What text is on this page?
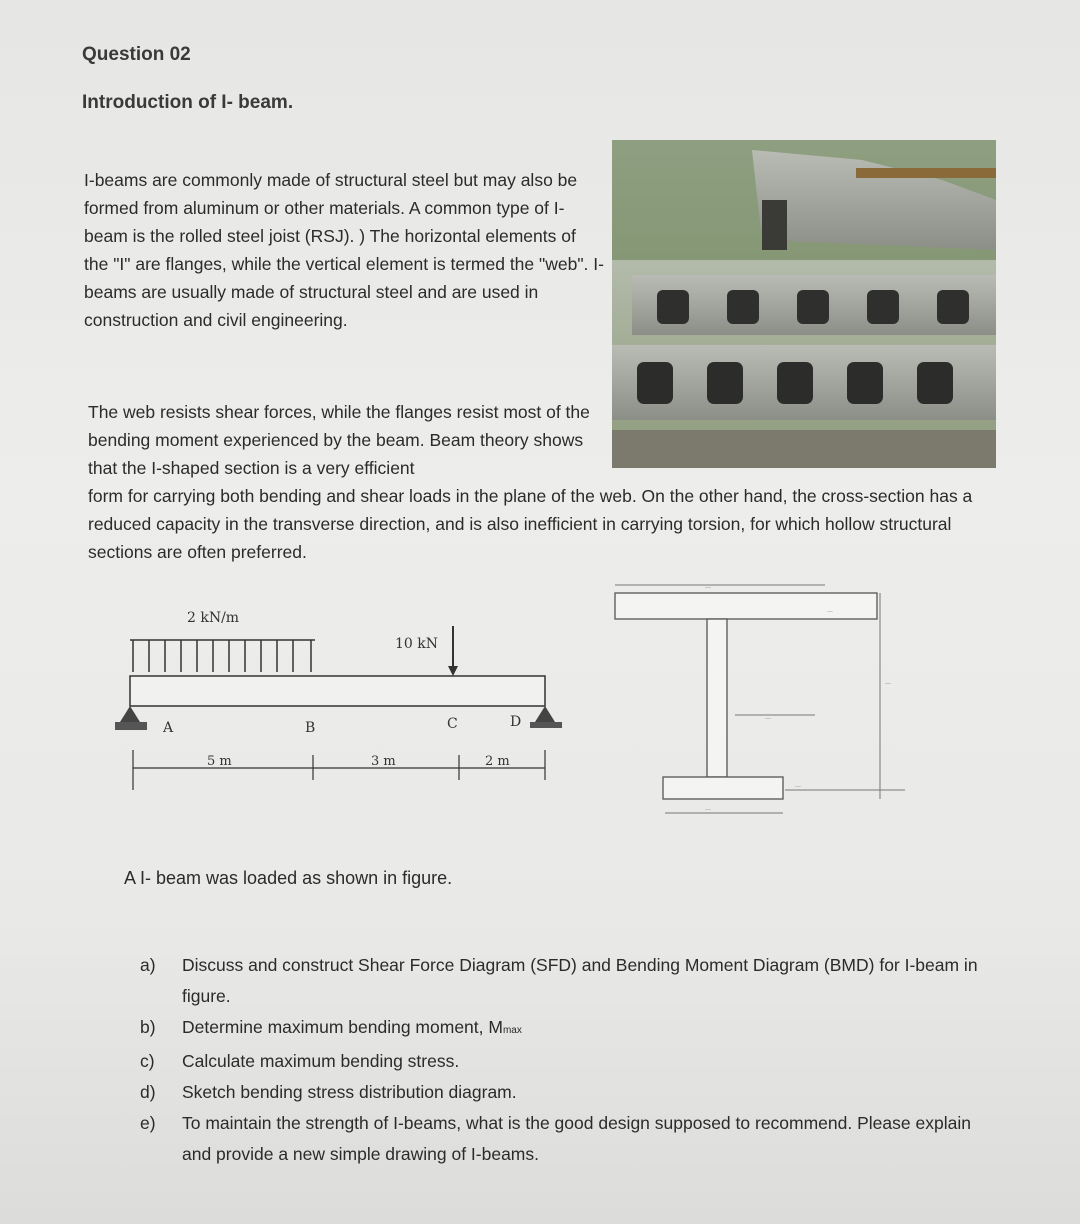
Question 02
Introduction of I- beam.
I-beams are commonly made of structural steel but may also be formed from aluminum or other materials. A common type of I-beam is the rolled steel joist (RSJ). ) The horizontal elements of the "I" are flanges, while the vertical element is termed the "web". I-beams are usually made of structural steel and are used in construction and civil engineering.
The web resists shear forces, while the flanges resist most of the bending moment experienced by the beam. Beam theory shows that the I-shaped section is a very efficient
form for carrying both bending and shear loads in the plane of the web. On the other hand, the cross-section has a reduced capacity in the transverse direction, and is also inefficient in carrying torsion, for which hollow structural sections are often preferred.
2 kN/m
10 kN
A	B	C	D
5 m	3 m	2 m
—
—
—
—
—
—
A I- beam was loaded as shown in figure.
a)	Discuss and construct Shear Force Diagram (SFD) and Bending Moment Diagram (BMD) for I-beam in figure.
b)	Determine maximum bending moment, Mmax
c)	Calculate maximum bending stress.
d)	Sketch bending stress distribution diagram.
e)	To maintain the strength of I-beams, what is the good design supposed to recommend. Please explain and provide a new simple drawing of I-beams.
